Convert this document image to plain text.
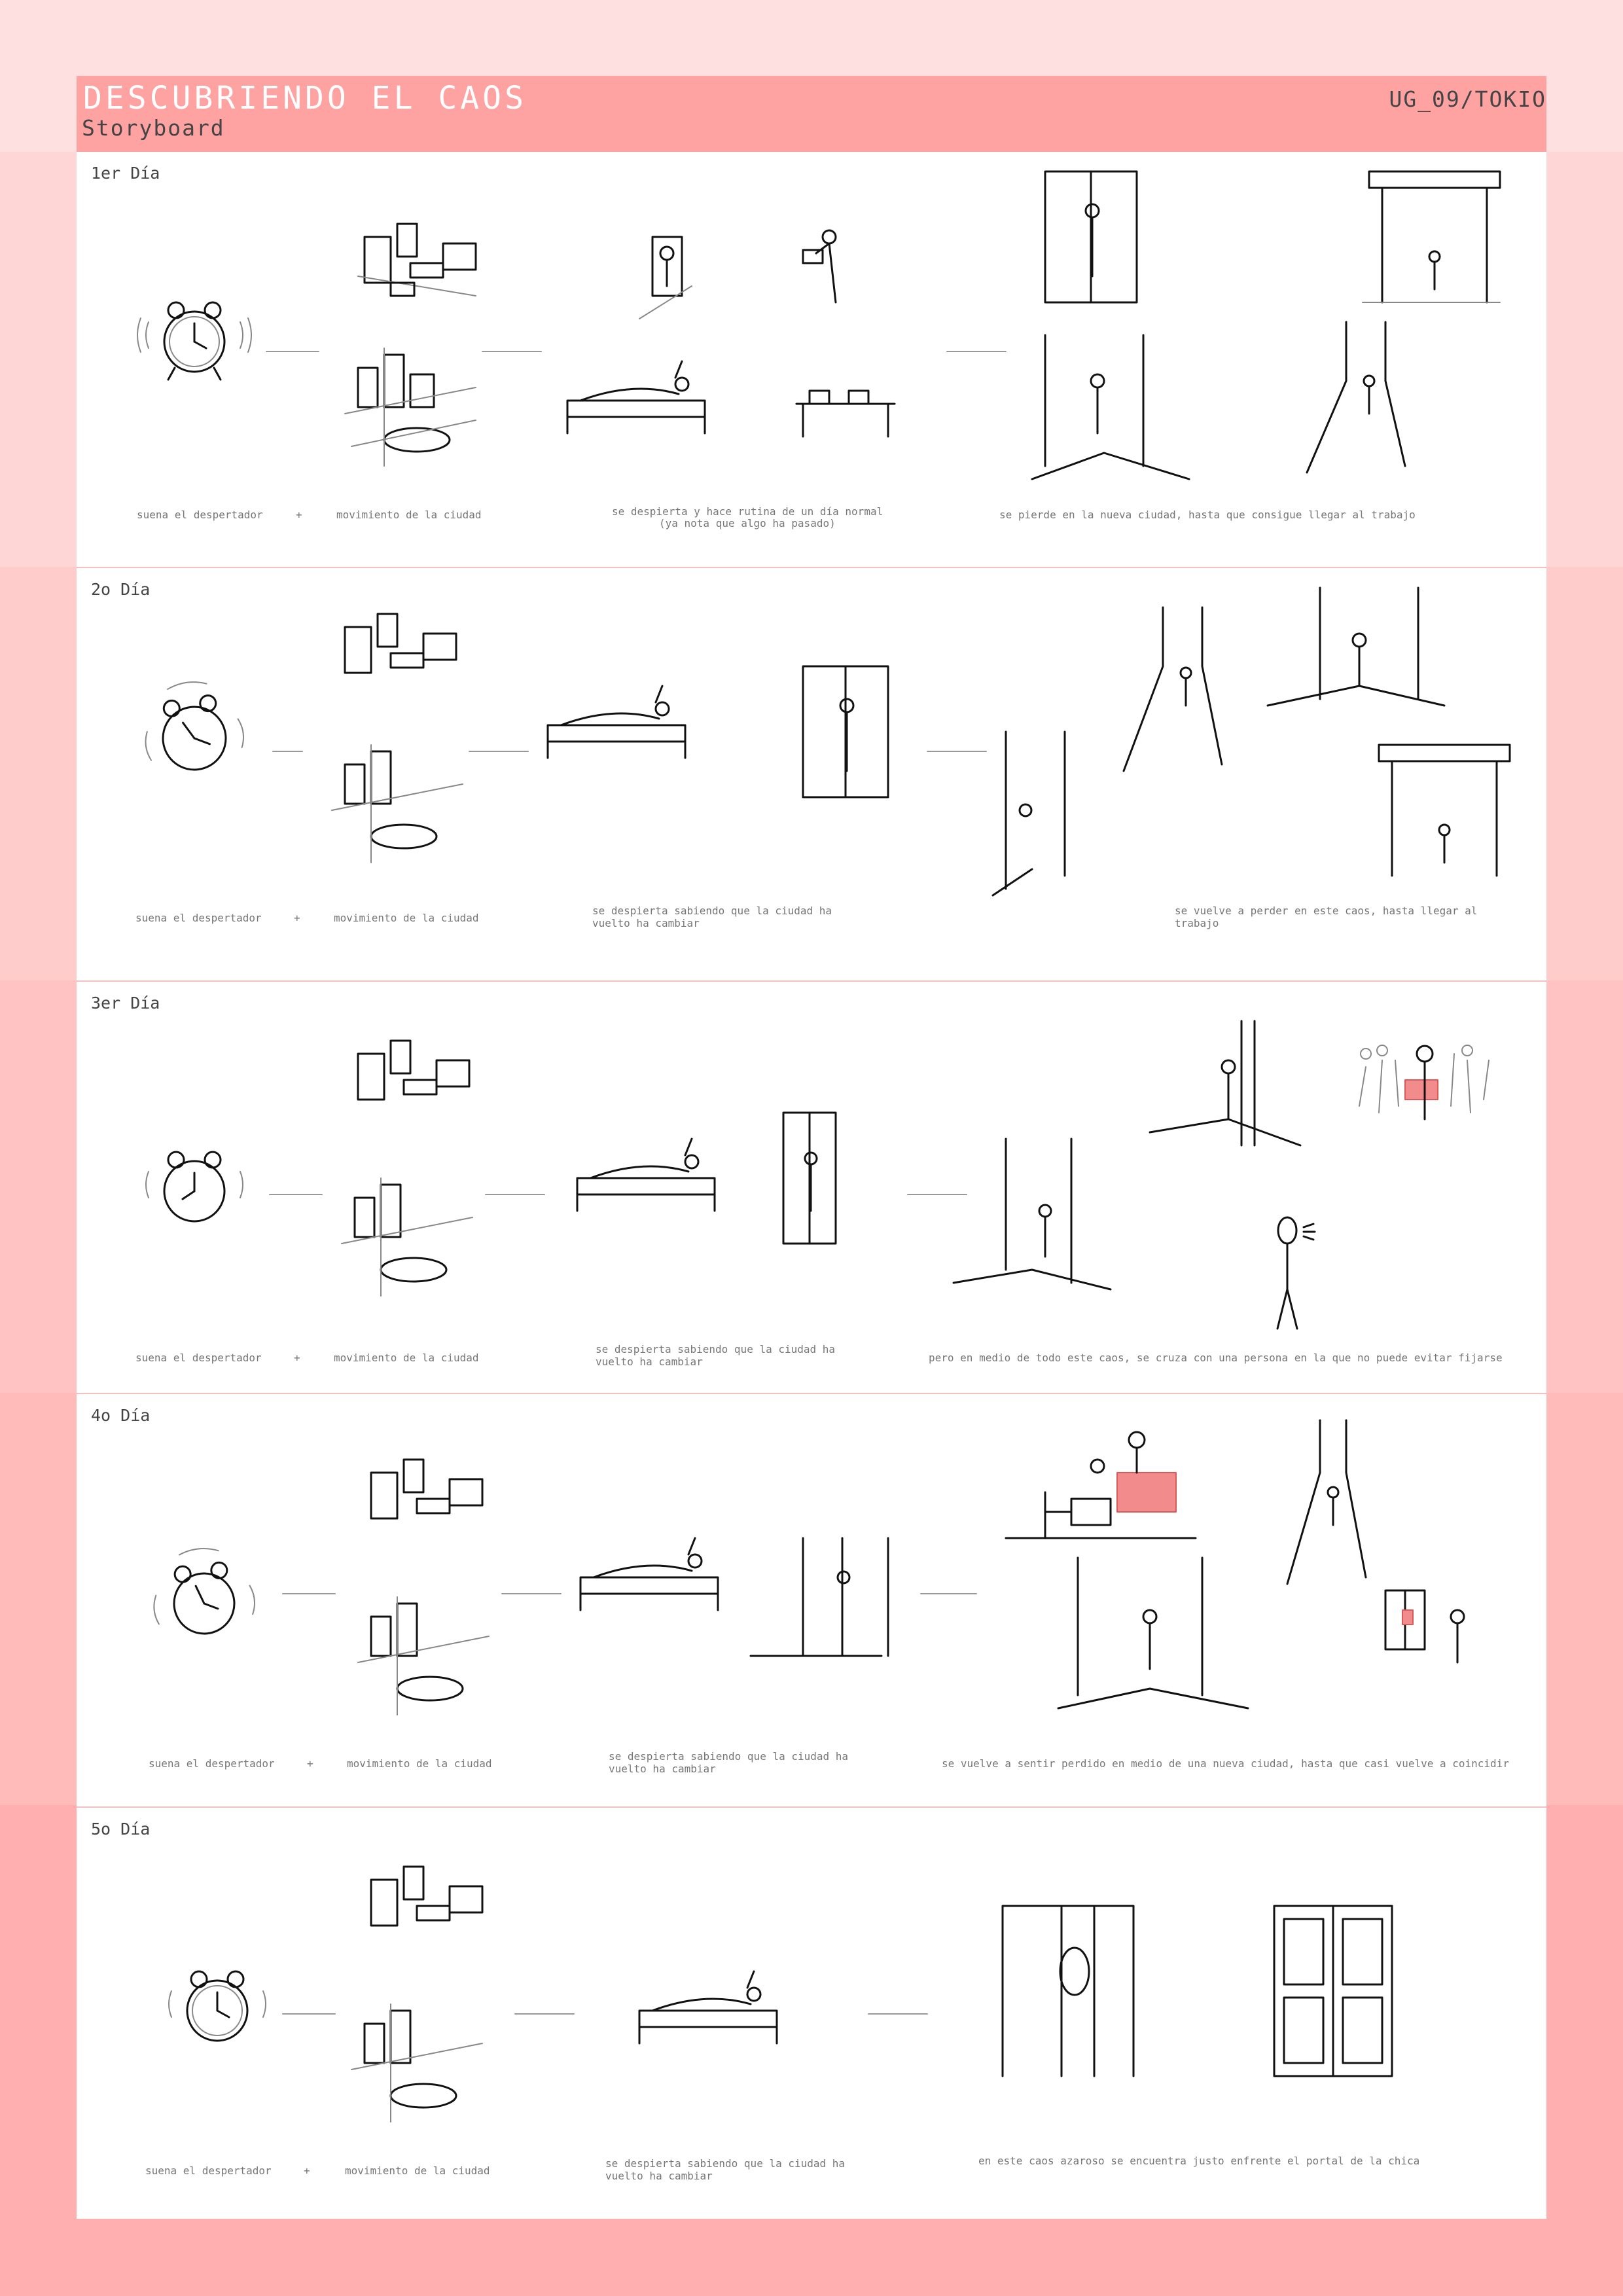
DESCUBRIENDO EL CAOS
Storyboard
UG_09/TOKIO
1er Día
suena el despertador	+	movimiento de la ciudad	se despierta y hace rutina de un día normal
(ya nota que algo ha pasado)
se pierde en la nueva ciudad, hasta que consigue llegar al trabajo
2o Día
suena el despertador	+	movimiento de la ciudad
se despierta sabiendo que la ciudad ha vuelto ha cambiar
se vuelve a perder en este caos, hasta llegar al trabajo
3er Día
suena el despertador	+	movimiento de la ciudad
se despierta sabiendo que la ciudad ha vuelto ha cambiar	pero en medio de todo este caos, se cruza con una persona en la que no puede evitar fijarse
4o Día
suena el despertador	+	movimiento de la ciudad
se despierta sabiendo que la ciudad ha vuelto ha cambiar	se vuelve a sentir perdido en medio de una nueva ciudad, hasta que casi vuelve a coincidir
5o Día
suena el despertador	+	movimiento de la ciudad
se despierta sabiendo que la ciudad ha vuelto ha cambiar
en este caos azaroso se encuentra justo enfrente el portal de la chica
